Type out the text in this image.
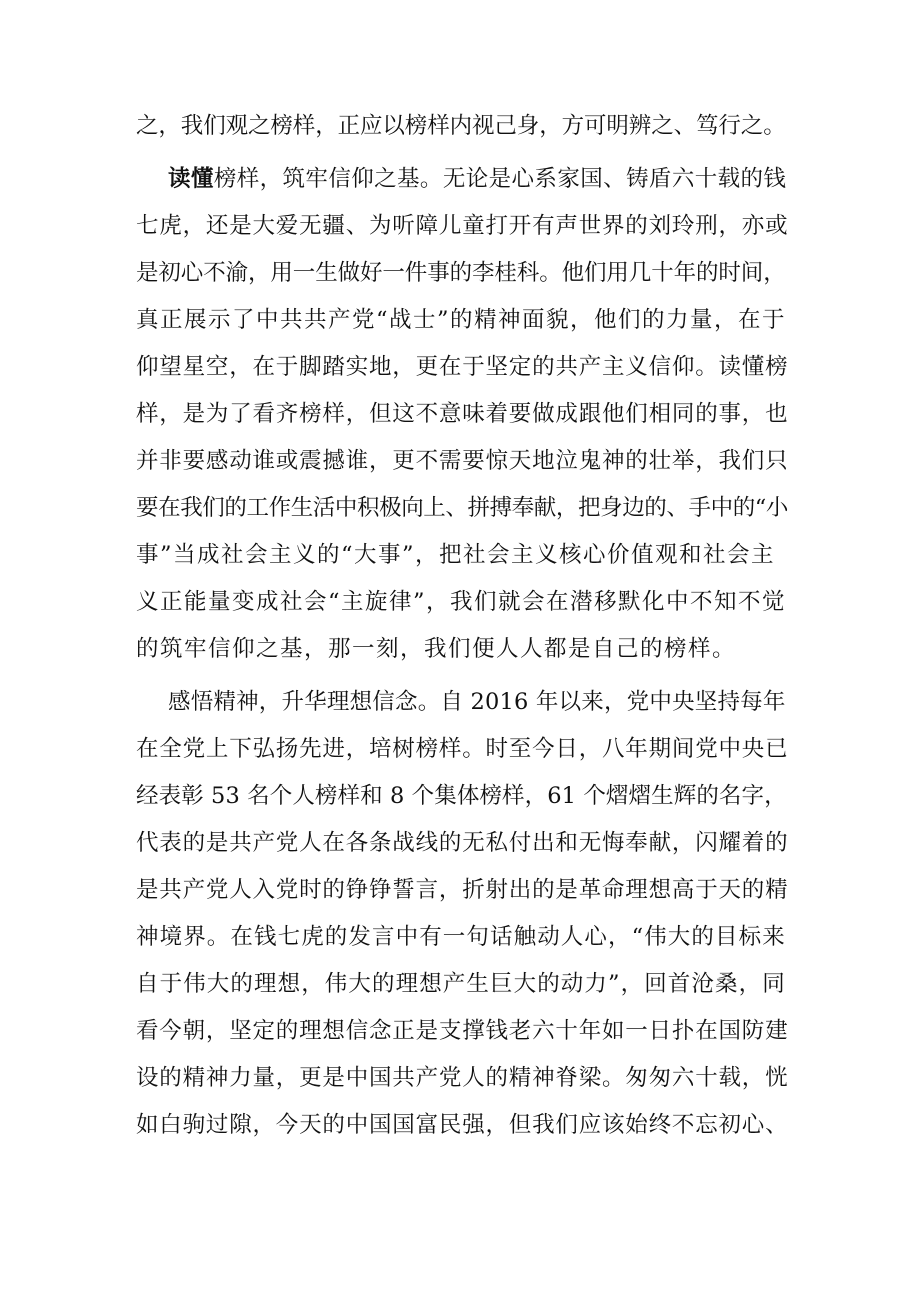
之，我们观之榜样，正应以榜样内视己身，方可明辨之、笃行之。
读懂榜样，筑牢信仰之基。无论是心系家国、铸盾六十载的钱
七虎，还是大爱无疆、为听障儿童打开有声世界的刘玲刑，亦或
是初心不渝，用一生做好一件事的李桂科。他们用几十年的时间，
真正展示了中共共产党“战士”的精神面貌，他们的力量，在于
仰望星空，在于脚踏实地，更在于坚定的共产主义信仰。读懂榜
样，是为了看齐榜样，但这不意味着要做成跟他们相同的事，也
并非要感动谁或震撼谁，更不需要惊天地泣鬼神的壮举，我们只
要在我们的工作生活中积极向上、拼搏奉献，把身边的、手中的“小
事”当成社会主义的“大事”，把社会主义核心价值观和社会主
义正能量变成社会“主旋律”，我们就会在潜移默化中不知不觉
的筑牢信仰之基，那一刻，我们便人人都是自己的榜样。
感悟精神，升华理想信念。自 2016 年以来，党中央坚持每年
在全党上下弘扬先进，培树榜样。时至今日，八年期间党中央已
经表彰 53 名个人榜样和 8 个集体榜样，61 个熠熠生辉的名字，
代表的是共产党人在各条战线的无私付出和无悔奉献，闪耀着的
是共产党人入党时的铮铮誓言，折射出的是革命理想高于天的精
神境界。在钱七虎的发言中有一句话触动人心，“伟大的目标来
自于伟大的理想，伟大的理想产生巨大的动力”，回首沧桑，同
看今朝，坚定的理想信念正是支撑钱老六十年如一日扑在国防建
设的精神力量，更是中国共产党人的精神脊梁。匆匆六十载，恍
如白驹过隙，今天的中国国富民强，但我们应该始终不忘初心、
